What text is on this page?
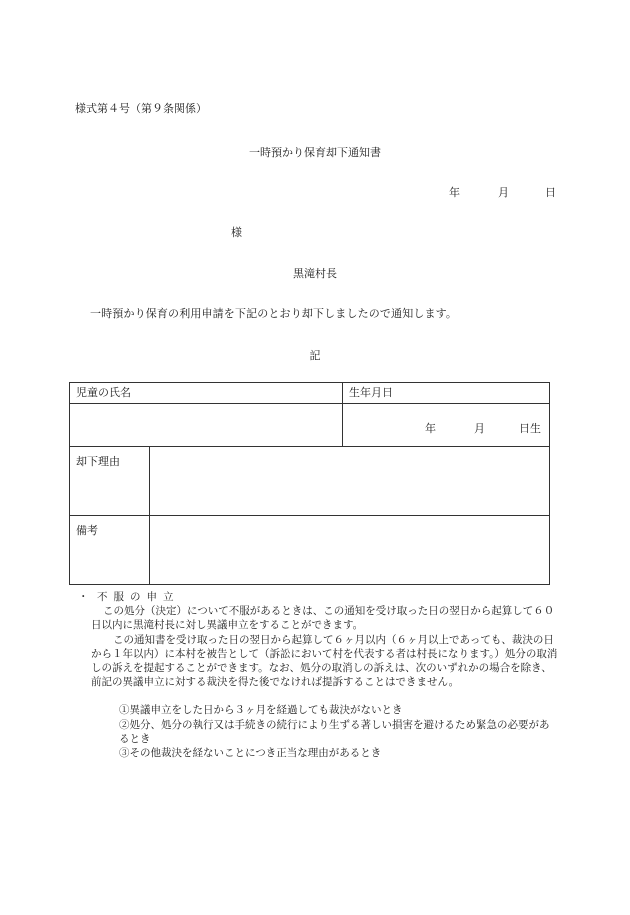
様式第４号（第９条関係）
一時預かり保育却下通知書
年	月	日
様
黒滝村長
一時預かり保育の利用申請を下記のとおり却下しましたので通知します。
記
児童の氏名		生年月日

		年 月 日生

却下理由		
備考		
・ 不服の申立

この処分（決定）について不服があるときは、この通知を受け取った日の翌日から起算して６０日以内に黒滝村長に対し異議申立をすることができます。

この通知書を受け取った日の翌日から起算して６ヶ月以内（６ヶ月以上であっても、裁決の日から１年以内）に本村を被告として（訴訟において村を代表する者は村長になります。）処分の取消しの訴えを提起することができます。なお、処分の取消しの訴えは、次のいずれかの場合を除き、前記の異議申立に対する裁決を得た後でなければ提訴することはできません。

①異議申立をした日から３ヶ月を経過しても裁決がないとき
②処分、処分の執行又は手続きの続行により生ずる著しい損害を避けるため緊急の必要があるとき
③その他裁決を経ないことにつき正当な理由があるとき
